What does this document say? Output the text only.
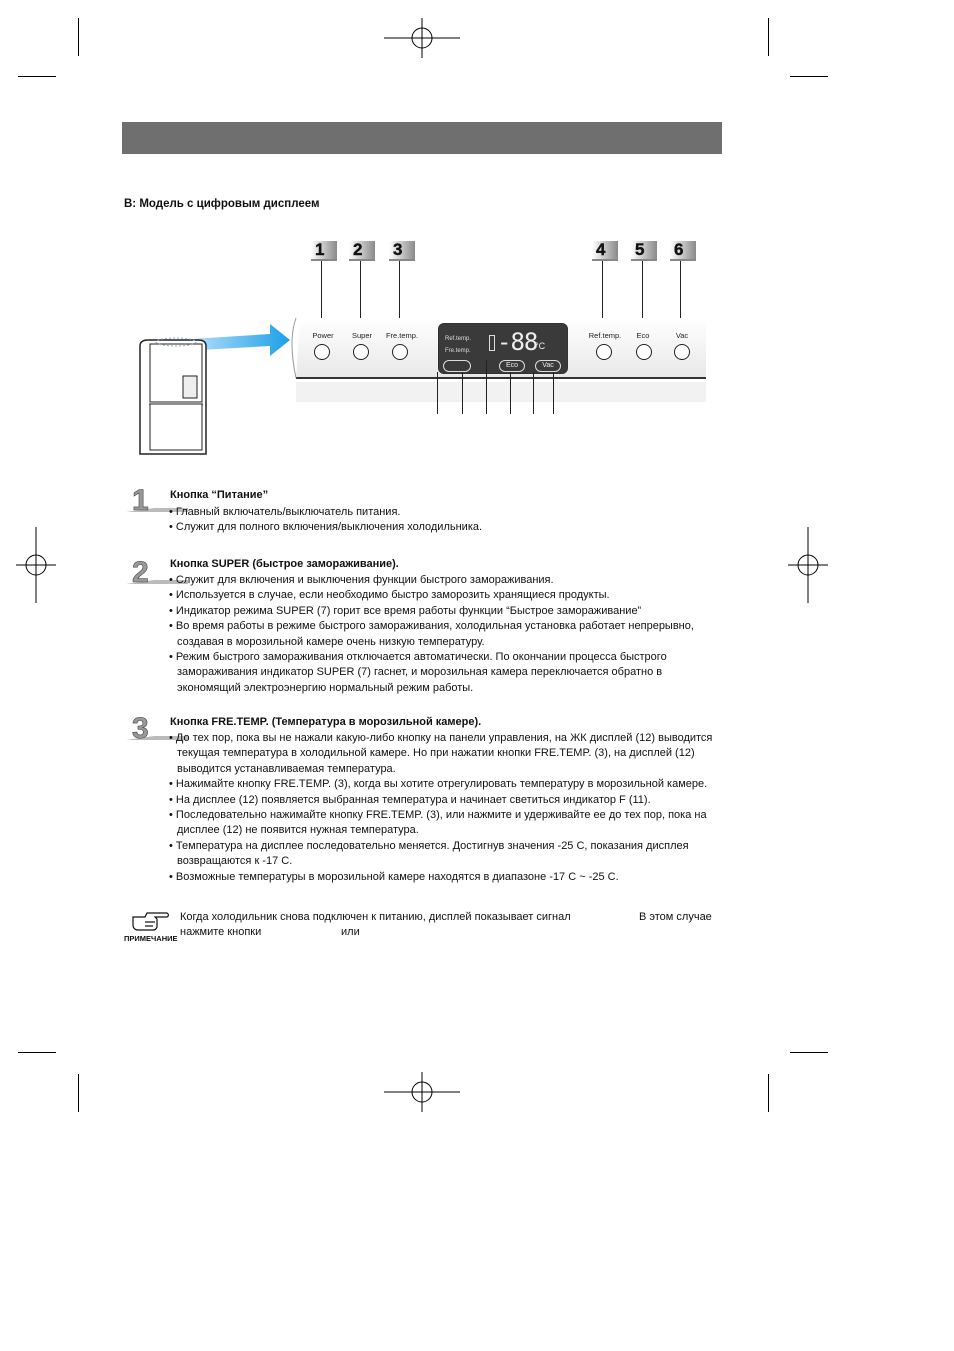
B: Модель с цифровым дисплеем
1	2	3	4	5	6
Power	Super	Fre.temp.	Ref.temp.	Eco	Vac
Ref.temp.
Fre.temp. -88
°C
Eco	Vac
1 Кнопка “Питание”
• Главный включатель/выключатель питания.
• Служит для полного включения/выключения холодильника.
2 Кнопка SUPER (быстрое замораживание).
• Служит для включения и выключения функции быстрого замораживания.
• Используется в случае, если необходимо быстро заморозить хранящиеся продукты.
• Индикатор режима SUPER (7) горит все время работы функции “Быстрое замораживание”
• Во время работы в режиме быстрого замораживания, холодильная установка работает непрерывно, создавая в морозильной камере очень низкую температуру.
• Режим быстрого замораживания отключается автоматически. По окончании процесса быстрого замораживания индикатор SUPER (7) гаснет, и морозильная камера переключается обратно в экономящий электроэнергию нормальный режим работы.
3 Кнопка FRE.TEMP. (Температура в морозильной камере).
• До тех пор, пока вы не нажали какую-либо кнопку на панели управления, на ЖК дисплей (12) выводится текущая температура в холодильной камере. Но при нажатии кнопки FRE.TEMP. (3), на дисплей (12) выводится устанавливаемая температура.
• Нажимайте кнопку FRE.TEMP. (3), когда вы хотите отрегулировать температуру в морозильной камере.
• На дисплее (12) появляется выбранная температура и начинает светиться индикатор F (11).
• Последовательно нажимайте кнопку FRE.TEMP. (3), или нажмите и удерживайте ее до тех пор, пока на дисплее (12) не появится нужная температура.
• Температура на дисплее последовательно меняется. Достигнув значения -25 C, показания дисплея возвращаются к -17 C.
• Возможные температуры в морозильной камере находятся в диапазоне -17 C ~ -25 C.
ПРИМЕЧАНИЕ
Когда холодильник снова подключен к питанию, дисплей показывает сигнал	В этом случае
нажмите кнопки	или
